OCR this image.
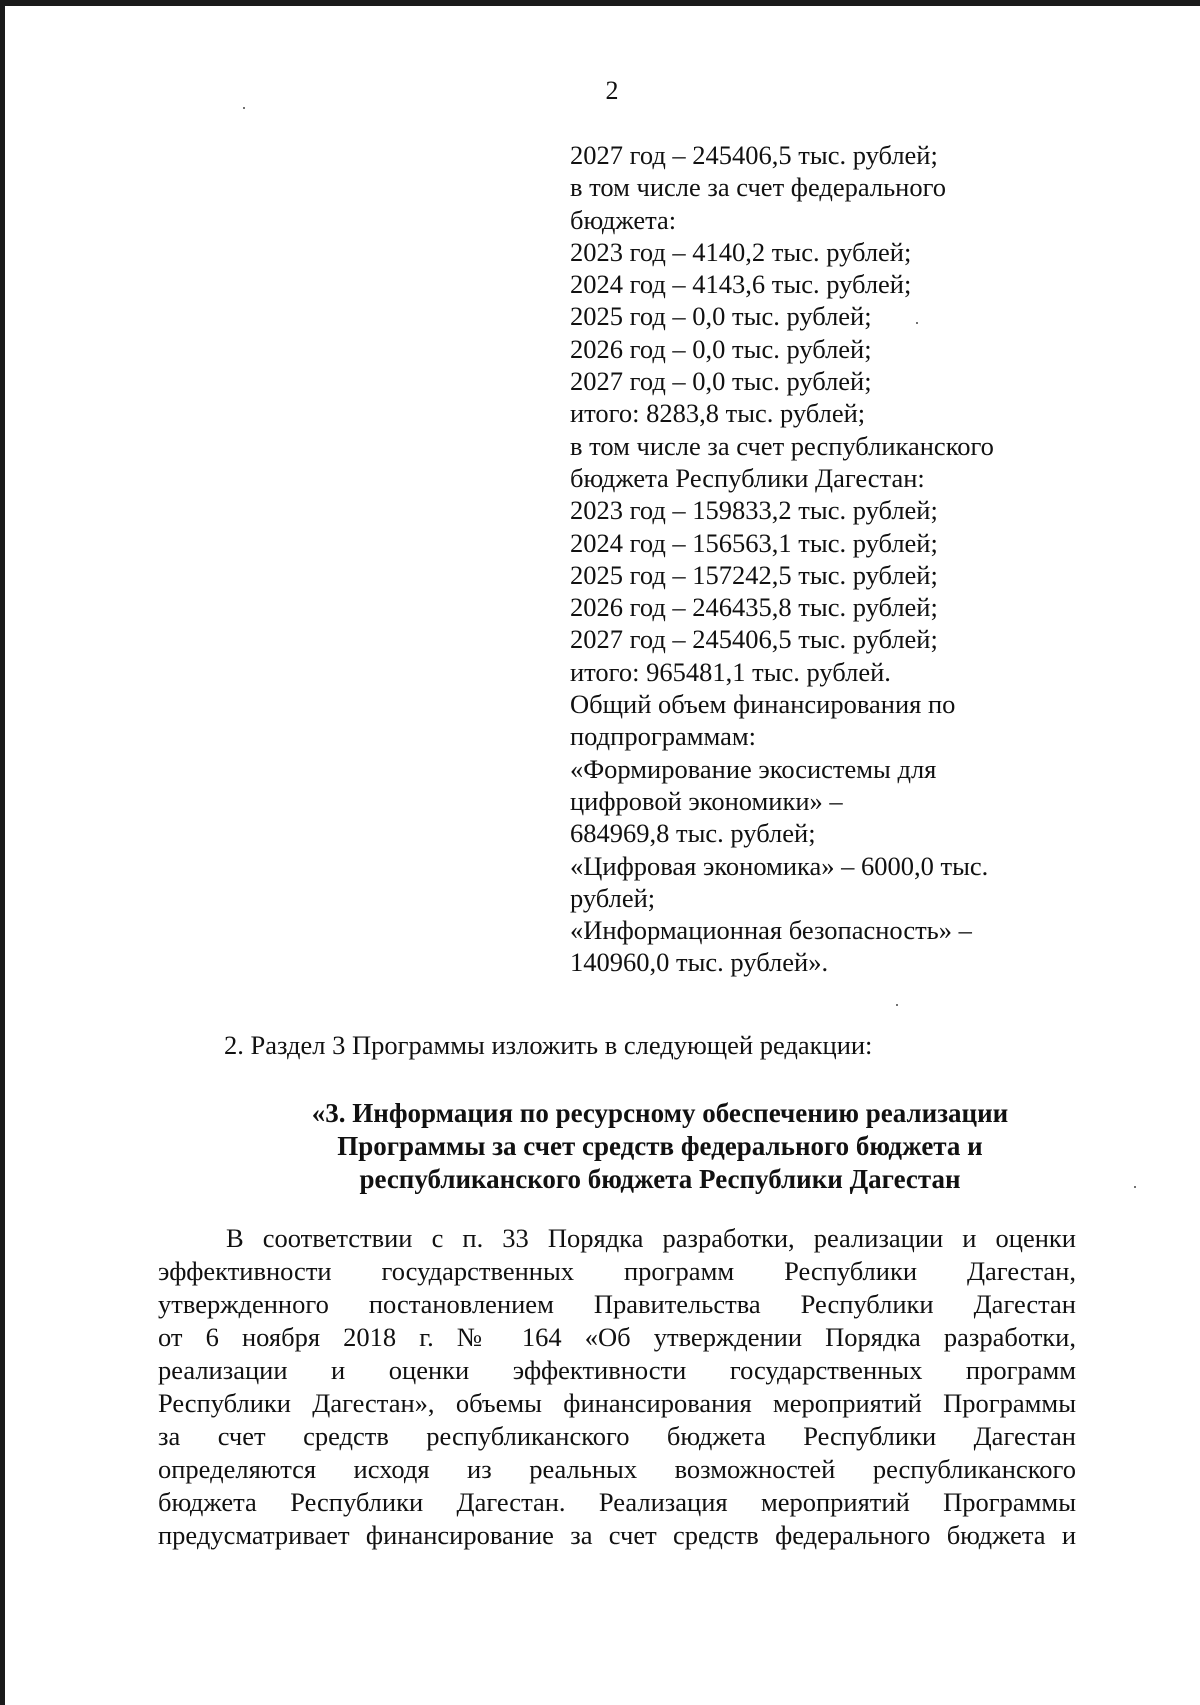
2
2027 год – 245406,5 тыс. рублей;
в том числе за счет федерального
бюджета:
2023 год – 4140,2 тыс. рублей;
2024 год – 4143,6 тыс. рублей;
2025 год – 0,0 тыс. рублей;
2026 год – 0,0 тыс. рублей;
2027 год – 0,0 тыс. рублей;
итого: 8283,8 тыс. рублей;
в том числе за счет республиканского
бюджета Республики Дагестан:
2023 год – 159833,2 тыс. рублей;
2024 год – 156563,1 тыс. рублей;
2025 год – 157242,5 тыс. рублей;
2026 год – 246435,8 тыс. рублей;
2027 год – 245406,5 тыс. рублей;
итого: 965481,1 тыс. рублей.
Общий объем финансирования по
подпрограммам:
«Формирование экосистемы для
цифровой экономики» –
684969,8 тыс. рублей;
«Цифровая экономика» – 6000,0 тыс.
рублей;
«Информационная безопасность» –
140960,0 тыс. рублей».
2. Раздел 3 Программы изложить в следующей редакции:
«3. Информация по ресурсному обеспечению реализации
Программы за счет средств федерального бюджета и
республиканского бюджета Республики Дагестан
В соответствии с п. 33 Порядка разработки, реализации и оценки
эффективности государственных программ Республики Дагестан,
утвержденного постановлением Правительства Республики Дагестан
от 6 ноября 2018 г. № 164 «Об утверждении Порядка разработки,
реализации и оценки эффективности государственных программ
Республики Дагестан», объемы финансирования мероприятий Программы
за счет средств республиканского бюджета Республики Дагестан
определяются исходя из реальных возможностей республиканского
бюджета Республики Дагестан. Реализация мероприятий Программы
предусматривает финансирование за счет средств федерального бюджета и
